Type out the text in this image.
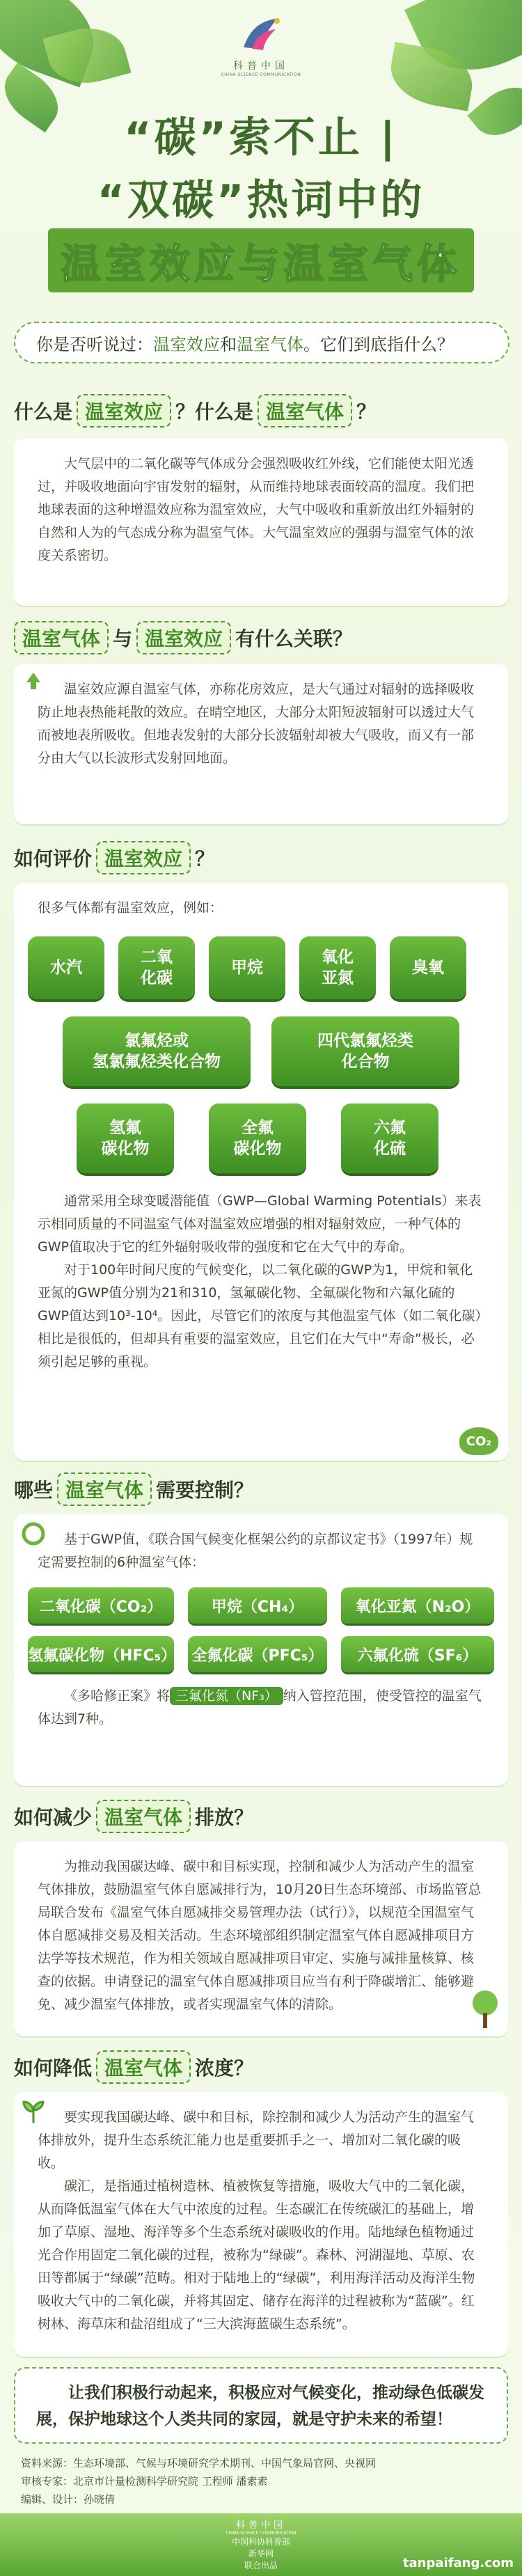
科普中国
CHINA SCIENCE COMMUNICATION
“碳”索不止 |
“双碳”热词中的
温室效应与温室气体
你是否听说过： 温室效应 和 温室气体 。它们到底指什么？
什么是 温室效应 ？什么是 温室气体 ？

大气层中的二氧化碳等气体成分会强烈吸收红外线，它们能使太阳光透过，并吸收地面向宇宙发射的辐射，从而维持地球表面较高的温度。我们把地球表面的这种增温效应称为温室效应，大气中吸收和重新放出红外辐射的自然和人为的气态成分称为温室气体。大气温室效应的强弱与温室气体的浓度关系密切。

温室气体 与 温室效应 有什么关联？

温室效应源自温室气体，亦称花房效应，是大气通过对辐射的选择吸收防止地表热能耗散的效应。在晴空地区，大部分太阳短波辐射可以透过大气而被地表所吸收。但地表发射的大部分长波辐射却被大气吸收，而又有一部分由大气以长波形式发射回地面。

如何评价 温室效应 ？

很多气体都有温室效应，例如：

水汽
二氧
化碳
甲烷
氧化
亚氮
臭氧
氯氟烃或
氢氯氟烃类化合物
四代氯氟烃类
化合物
氢氟
碳化物
全氟
碳化物
六氟
化硫

通常采用全球变暖潜能值（GWP—Global Warming Potentials）来表示相同质量的不同温室气体对温室效应增强的相对辐射效应，一种气体的GWP值取决于它的红外辐射吸收带的强度和它在大气中的寿命。

对于100年时间尺度的气候变化，以二氧化碳的GWP为1，甲烷和氧化亚氮的GWP值分别为21和310，氢氟碳化物、全氟碳化物和六氟化硫的GWP值达到10³-10⁴。因此，尽管它们的浓度与其他温室气体（如二氧化碳）相比是很低的，但却具有重要的温室效应，且它们在大气中“寿命”极长，必须引起足够的重视。

CO₂
哪些 温室气体 需要控制？

基于GWP值，《联合国气候变化框架公约的京都议定书》（1997年）规定需要控制的6种温室气体：

二氧化碳（CO₂）	甲烷（CH₄）	氧化亚氮（N₂O）
氢氟碳化物（HFC₅） 全氟化碳（PFC₅）	六氟化硫（SF₆）
《多哈修正案》将 三氟化氮（NF₃） 纳入管控范围，使受管控的温室气体达到7种。
如何减少 温室气体 排放？

为推动我国碳达峰、碳中和目标实现，控制和减少人为活动产生的温室气体排放，鼓励温室气体自愿减排行为，10月20日生态环境部、市场监管总局联合发布《温室气体自愿减排交易管理办法（试行）》，以规范全国温室气体自愿减排交易及相关活动。生态环境部组织制定温室气体自愿减排项目方法学等技术规范，作为相关领域自愿减排项目审定、实施与减排量核算、核查的依据。申请登记的温室气体自愿减排项目应当有利于降碳增汇、能够避免、减少温室气体排放，或者实现温室气体的清除。

如何降低 温室气体 浓度？

要实现我国碳达峰、碳中和目标，除控制和减少人为活动产生的温室气体排放外，提升生态系统汇能力也是重要抓手之一、增加对二氧化碳的吸收。

碳汇，是指通过植树造林、植被恢复等措施，吸收大气中的二氧化碳，从而降低温室气体在大气中浓度的过程。生态碳汇在传统碳汇的基础上，增加了草原、湿地、海洋等多个生态系统对碳吸收的作用。陆地绿色植物通过光合作用固定二氧化碳的过程，被称为“绿碳”。森林、河湖湿地、草原、农田等都属于“绿碳”范畴。相对于陆地上的“绿碳”，利用海洋活动及海洋生物吸收大气中的二氧化碳，并将其固定、储存在海洋的过程被称为“蓝碳”。红树林、海草床和盐沼组成了“三大滨海蓝碳生态系统”。

让我们积极行动起来，积极应对气候变化，推动绿色低碳发展，保护地球这个人类共同的家园，就是守护未来的希望！
资料来源：生态环境部、气候与环境研究学术期刊、中国气象局官网、央视网
审核专家：北京市计量检测科学研究院 工程师 潘素素
编辑、设计：孙晓倩
科普中国
CHINA SCIENCE COMMUNICATION
中国科协科普部
新华网
联合出品	tanpaifang.com
